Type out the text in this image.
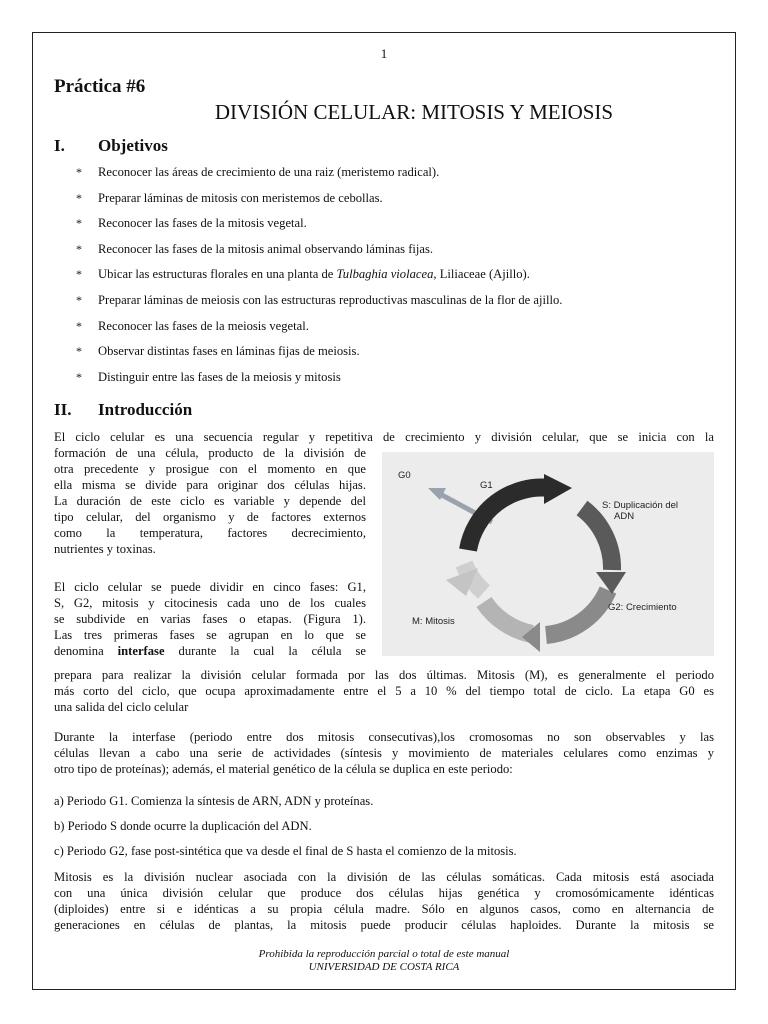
1
Práctica #6
DIVISIÓN CELULAR: MITOSIS Y MEIOSIS
I. Objetivos
* Reconocer las áreas de crecimiento de una raiz (meristemo radical).
* Preparar láminas de mitosis con meristemos de cebollas.
* Reconocer las fases de la mitosis vegetal.
* Reconocer las fases de la mitosis animal observando láminas fijas.
* Ubicar las estructuras florales en una planta de Tulbaghia violacea, Liliaceae (Ajillo).
* Preparar láminas de meiosis con las estructuras reproductivas masculinas de la flor de ajillo.
* Reconocer las fases de la meiosis vegetal.
* Observar distintas fases en láminas fijas de meiosis.
* Distinguir entre las fases de la meiosis y mitosis
II. Introducción
El ciclo celular es una secuencia regular y repetitiva de crecimiento y división celular, que se inicia con la
formación de una célula, producto de la división de
otra precedente y prosigue con el momento en que
ella misma se divide para originar dos células hijas.
La duración de este ciclo es variable y depende del
tipo celular, del organismo y de factores externos
como la temperatura, factores decrecimiento,
nutrientes y toxinas.
El ciclo celular se puede dividir en cinco fases: G1,
S, G2, mitosis y citocinesis cada uno de los cuales
se subdivide en varias fases o etapas. (Figura 1).
Las tres primeras fases se agrupan en lo que se
denomina interfase durante la cual la célula se
prepara para realizar la división celular formada por las dos últimas. Mitosis (M), es generalmente el periodo
más corto del ciclo, que ocupa aproximadamente entre el 5 a 10 % del tiempo total de ciclo. La etapa G0 es
una salida del ciclo celular
Durante la interfase (periodo entre dos mitosis consecutivas),los cromosomas no son observables y las
células llevan a cabo una serie de actividades (síntesis y movimiento de materiales celulares como enzimas y
otro tipo de proteínas); además, el material genético de la célula se duplica en este periodo:
a) Periodo G1. Comienza la síntesis de ARN, ADN y proteínas.
b) Periodo S donde ocurre la duplicación del ADN.
c) Periodo G2, fase post-sintética que va desde el final de S hasta el comienzo de la mitosis.
Mitosis es la división nuclear asociada con la división de las células somáticas. Cada mitosis está asociada
con una única división celular que produce dos células hijas genética y cromosómicamente idénticas
(diploides) entre si e idénticas a su propia célula madre. Sólo en algunos casos, como en alternancia de
generaciones en células de plantas, la mitosis puede producir células haploides. Durante la mitosis se
G0
G1
S: Duplicación del
ADN
G2: Crecimiento
M: Mitosis
Prohibida la reproducción parcial o total de este manual
UNIVERSIDAD DE COSTA RICA
